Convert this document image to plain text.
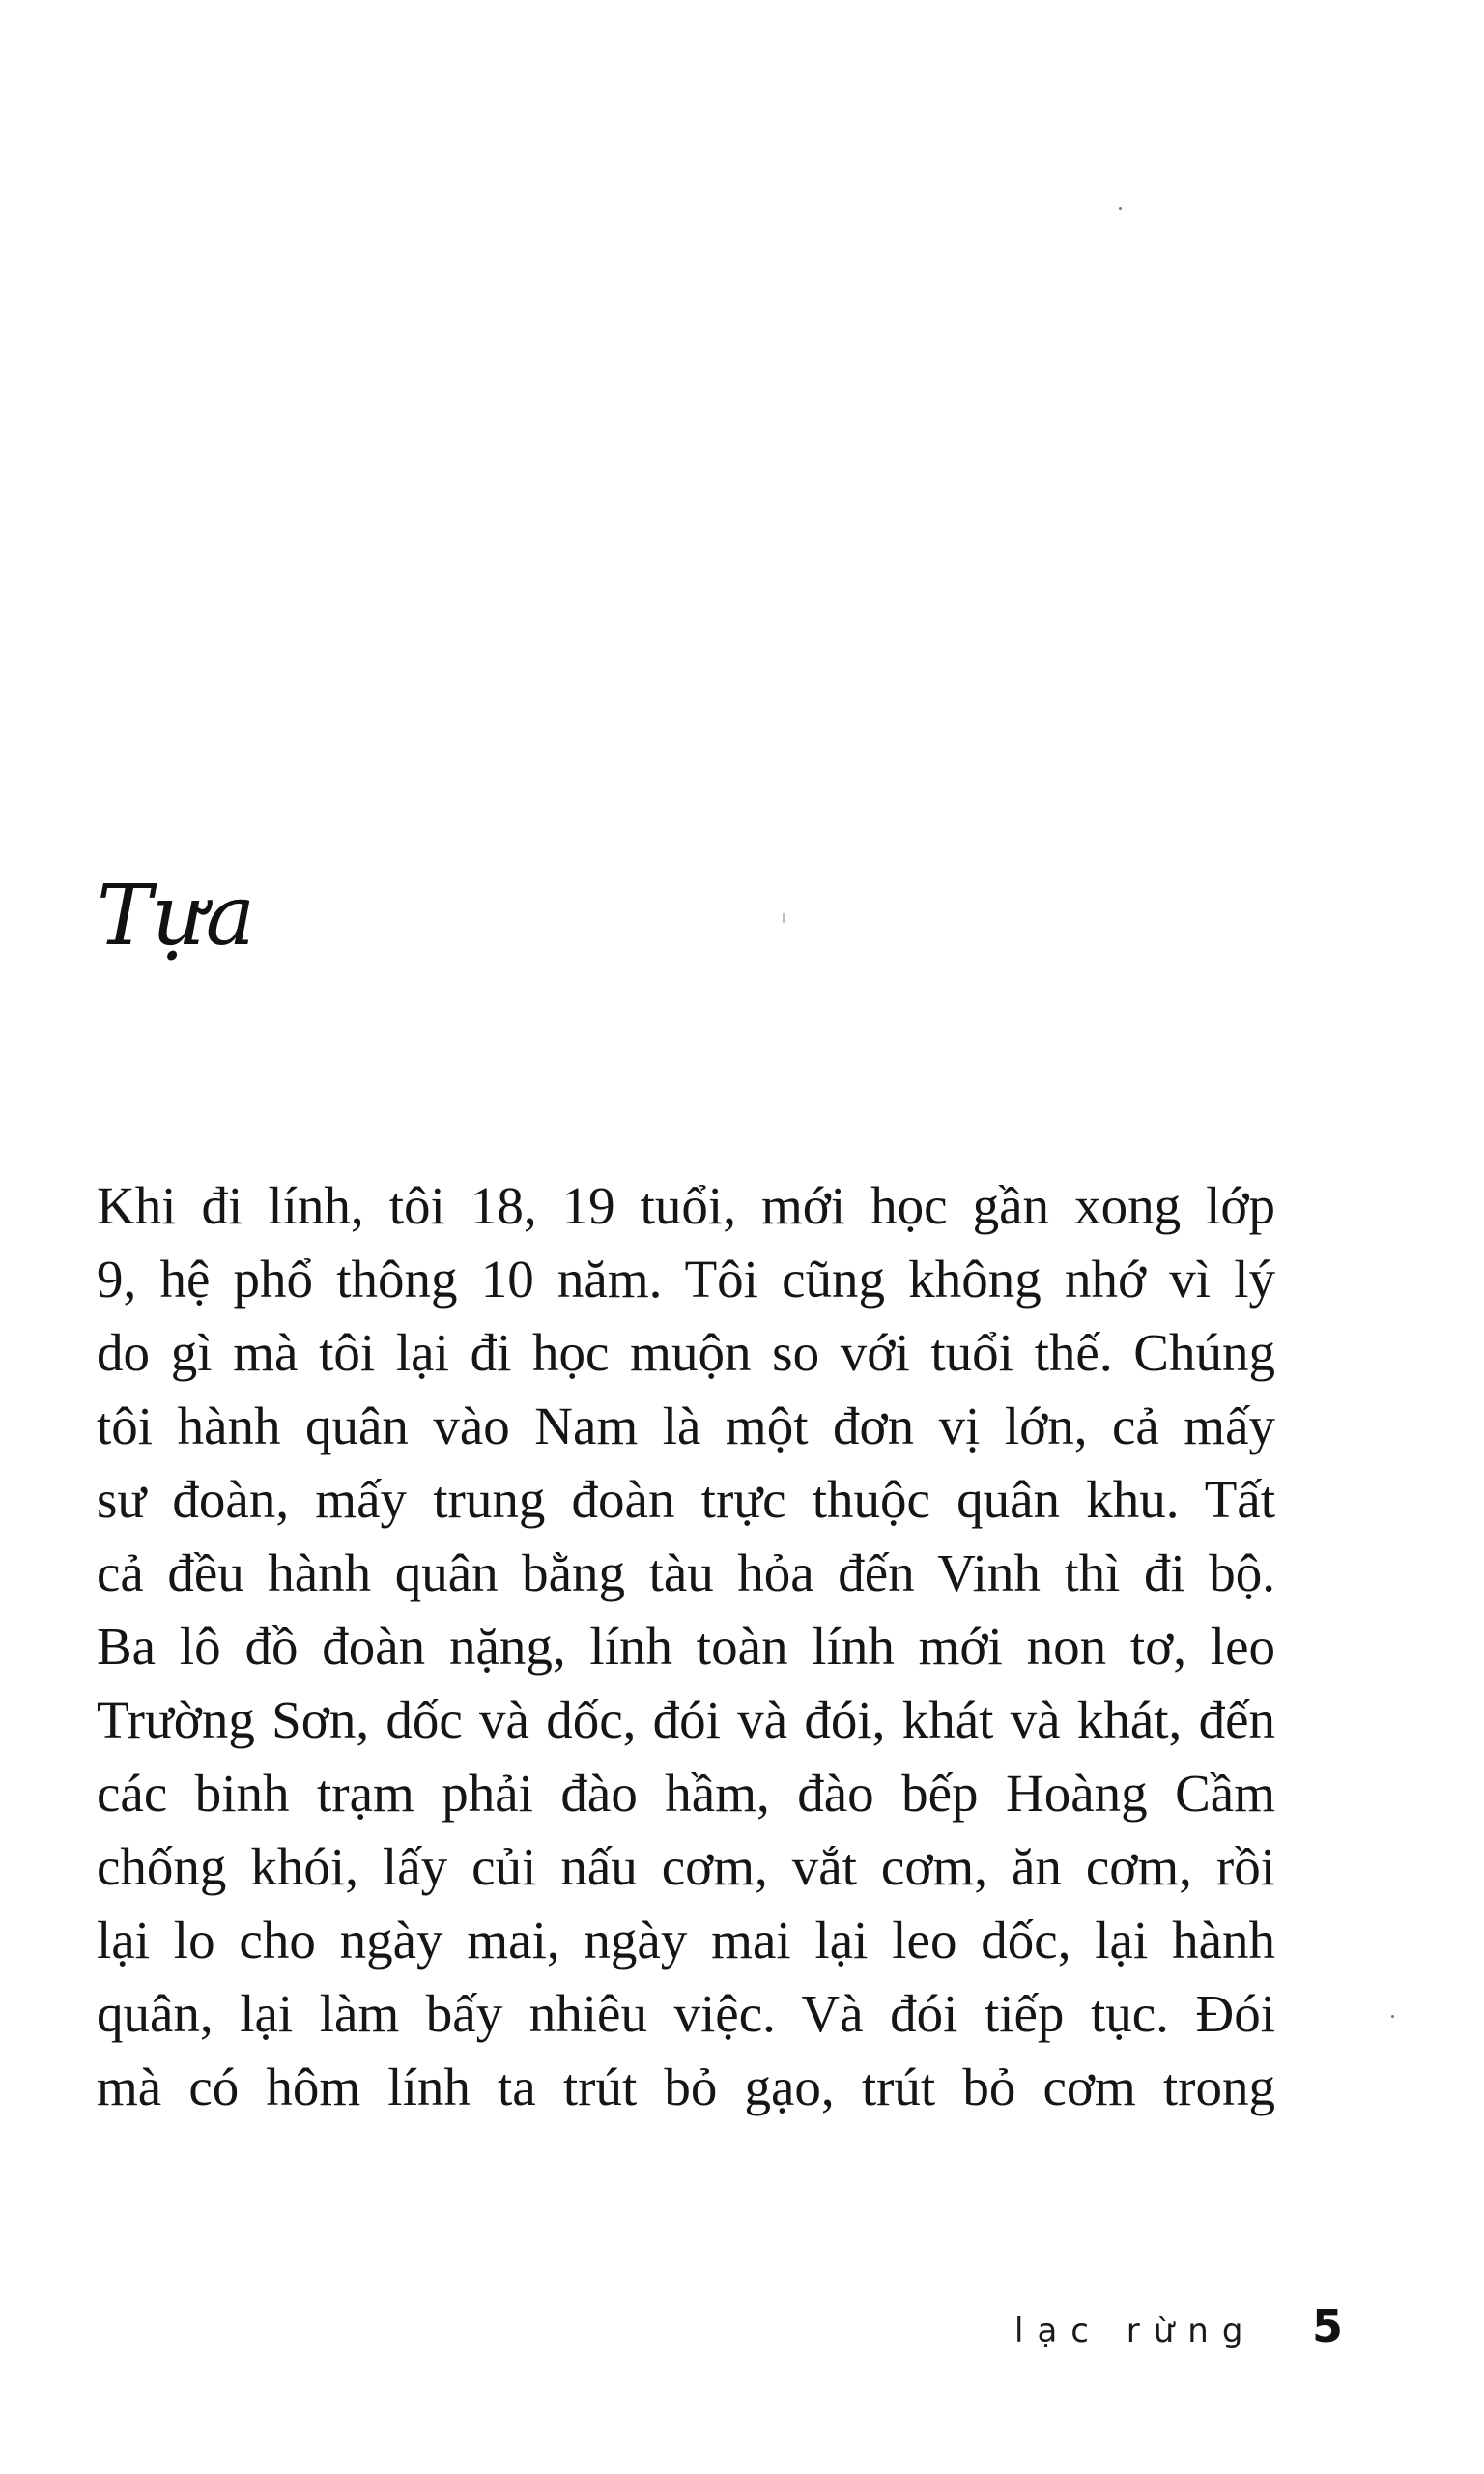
Tựa
Khi đi lính, tôi 18, 19 tuổi, mới học gần xong lớp
9, hệ phổ thông 10 năm. Tôi cũng không nhớ vì lý
do gì mà tôi lại đi học muộn so với tuổi thế. Chúng
tôi hành quân vào Nam là một đơn vị lớn, cả mấy
sư đoàn, mấy trung đoàn trực thuộc quân khu. Tất
cả đều hành quân bằng tàu hỏa đến Vinh thì đi bộ.
Ba lô đồ đoàn nặng, lính toàn lính mới non tơ, leo
Trường Sơn, dốc và dốc, đói và đói, khát và khát, đến
các binh trạm phải đào hầm, đào bếp Hoàng Cầm
chống khói, lấy củi nấu cơm, vắt cơm, ăn cơm, rồi
lại lo cho ngày mai, ngày mai lại leo dốc, lại hành
quân, lại làm bấy nhiêu việc. Và đói tiếp tục. Đói
mà có hôm lính ta trút bỏ gạo, trút bỏ cơm trong
lạc rừng 5
